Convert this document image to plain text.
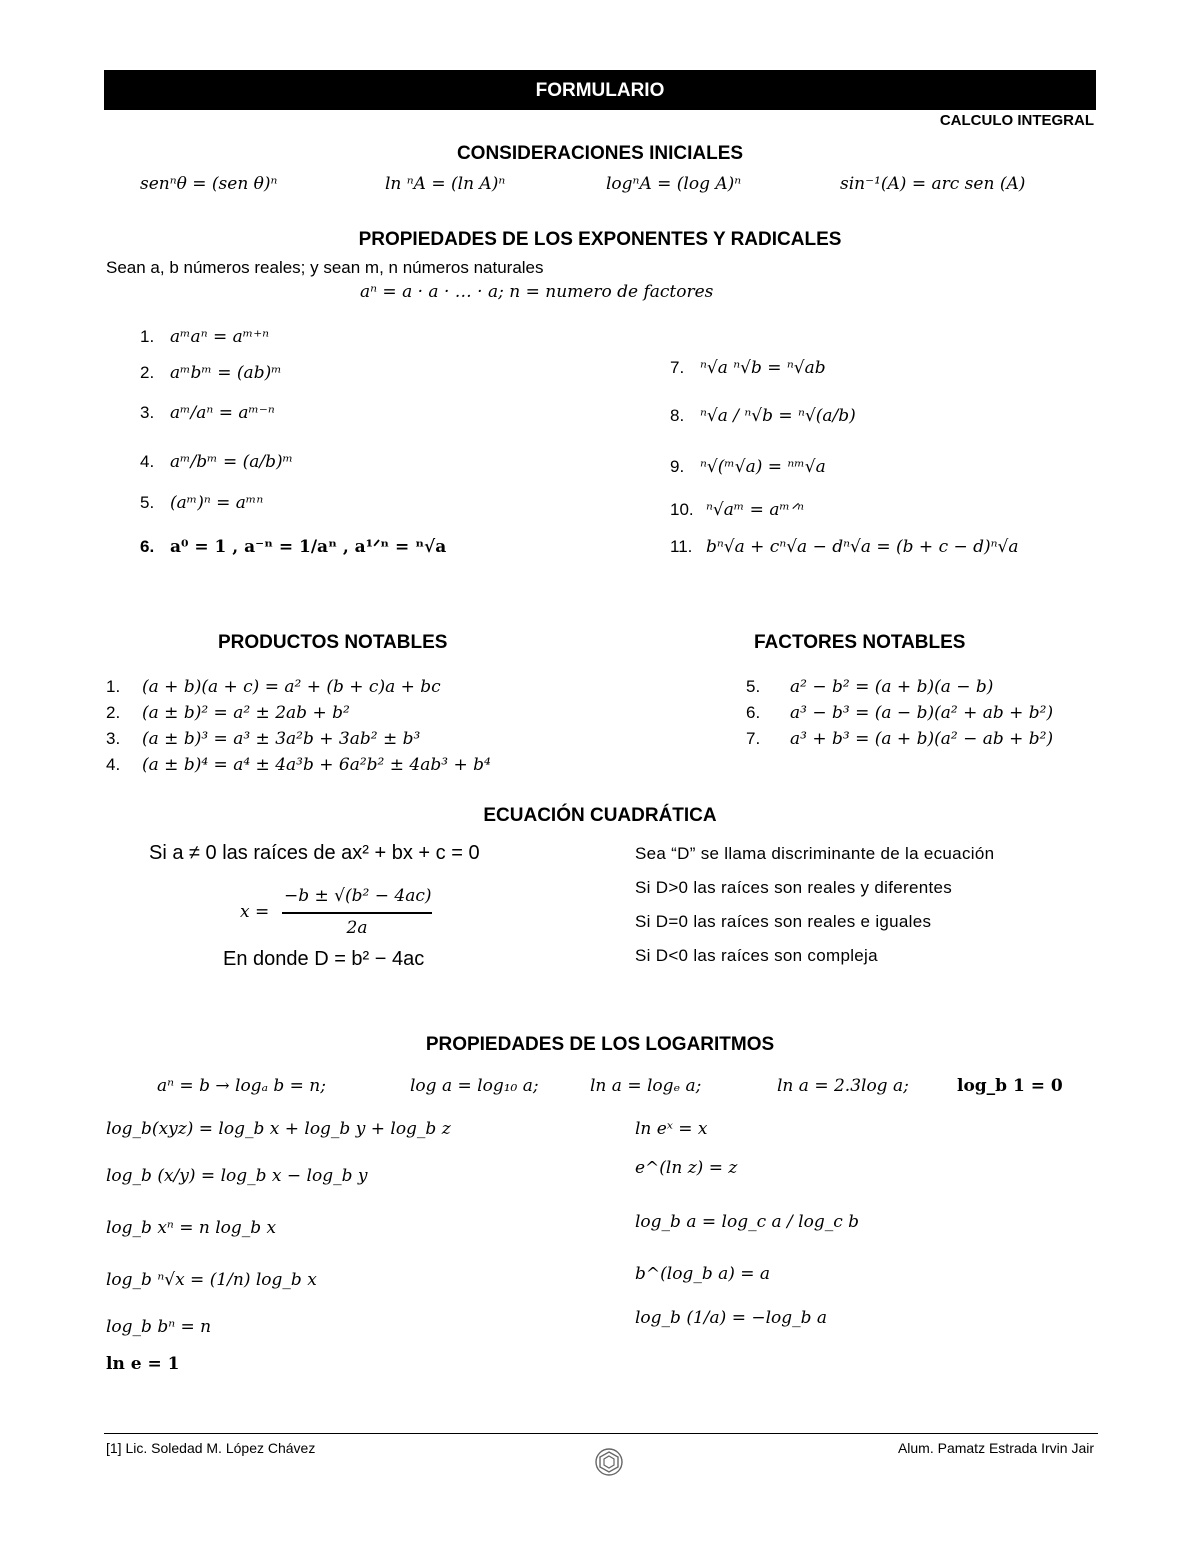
FORMULARIO
CALCULO INTEGRAL
CONSIDERACIONES INICIALES
senⁿθ = (sen θ)ⁿ	ln ⁿA = (ln A)ⁿ	logⁿA = (log A)ⁿ	sin⁻¹(A) = arc sen (A)
PROPIEDADES DE LOS EXPONENTES Y RADICALES
Sean a, b números reales; y sean m, n números naturales
aⁿ = a · a · … · a; n = numero de factores
1. aᵐaⁿ = aᵐ⁺ⁿ
2. aᵐbᵐ = (ab)ᵐ
3. aᵐ/aⁿ = aᵐ⁻ⁿ
4. aᵐ/bᵐ = (a/b)ᵐ
5. (aᵐ)ⁿ = aᵐⁿ
6. a⁰ = 1 , a⁻ⁿ = 1/aⁿ , a¹ᐟⁿ = ⁿ√a
7. ⁿ√a ⁿ√b = ⁿ√ab
8. ⁿ√a / ⁿ√b = ⁿ√(a/b)
9. ⁿ√(ᵐ√a) = ⁿᵐ√a
10. ⁿ√aᵐ = aᵐᐟⁿ
11. bⁿ√a + cⁿ√a − dⁿ√a = (b + c − d)ⁿ√a
PRODUCTOS NOTABLES
1. (a + b)(a + c) = a² + (b + c)a + bc
2. (a ± b)² = a² ± 2ab + b²
3. (a ± b)³ = a³ ± 3a²b + 3ab² ± b³
4. (a ± b)⁴ = a⁴ ± 4a³b + 6a²b² ± 4ab³ + b⁴
FACTORES NOTABLES
5. a² − b² = (a + b)(a − b)
6. a³ − b³ = (a − b)(a² + ab + b²)
7. a³ + b³ = (a + b)(a² − ab + b²)
ECUACIÓN CUADRÁTICA
Si a ≠ 0 las raíces de ax² + bx + c = 0
x =
−b ± √(b² − 4ac)
2a
En donde D = b² − 4ac
Sea “D” se llama discriminante de la ecuación
Si D>0 las raíces son reales y diferentes
Si D=0 las raíces son reales e iguales
Si D<0 las raíces son compleja
PROPIEDADES DE LOS LOGARITMOS
aⁿ = b → logₐ b = n;	log a = log₁₀ a;	ln a = logₑ a;	ln a = 2.3log a;	log_b 1 = 0
log_b(xyz) = log_b x + log_b y + log_b z
log_b (x/y) = log_b x − log_b y
log_b xⁿ = n log_b x
log_b ⁿ√x = (1/n) log_b x
log_b bⁿ = n
ln e = 1
ln eˣ = x
e^(ln z) = z
log_b a = log_c a / log_c b
b^(log_b a) = a
log_b (1/a) = −log_b a
[1] Lic. Soledad M. López Chávez	Alum. Pamatz Estrada Irvin Jair
